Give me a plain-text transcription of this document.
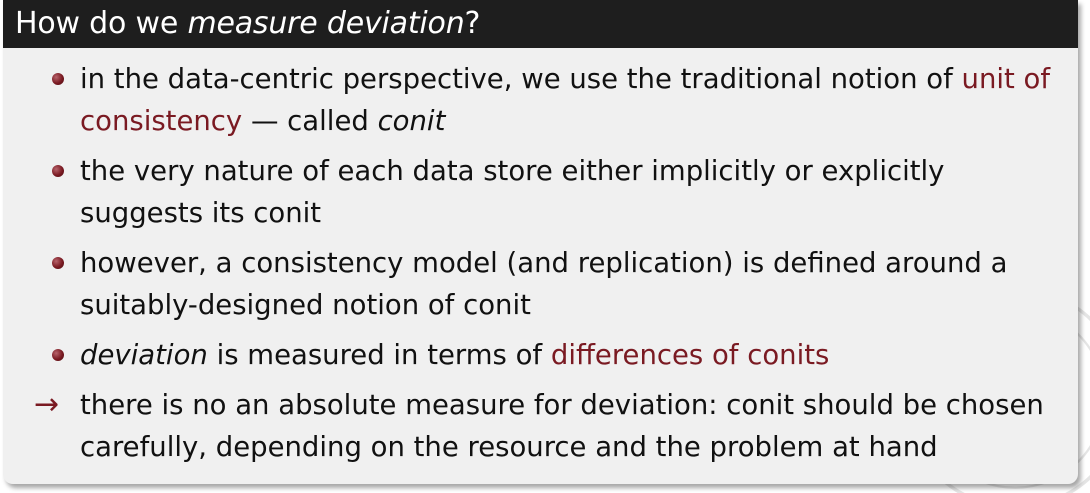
How do we measure deviation?
in the data-centric perspective, we use the traditional notion of unit of consistency — called conit
the very nature of each data store either implicitly or explicitly suggests its conit
however, a consistency model (and replication) is defined around a suitably-designed notion of conit
deviation is measured in terms of differences of conits
→ there is no an absolute measure for deviation: conit should be chosen carefully, depending on the resource and the problem at hand
